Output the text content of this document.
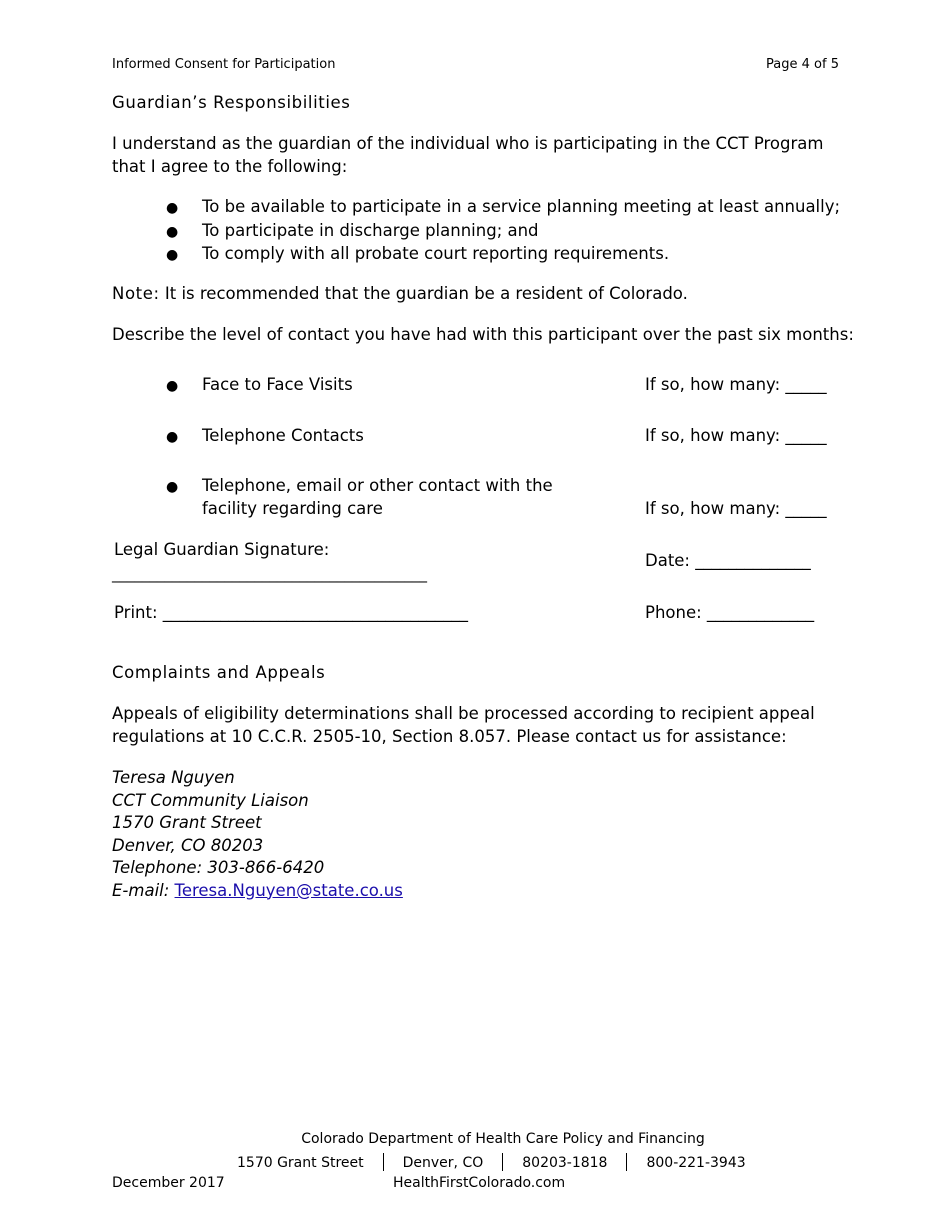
Informed Consent for Participation	Page 4 of 5
Guardian’s Responsibilities
I understand as the guardian of the individual who is participating in the CCT Program
that I agree to the following:
● To be available to participate in a service planning meeting at least annually;

● To participate in discharge planning; and

● To comply with all probate court reporting requirements.

Note: It is recommended that the guardian be a resident of Colorado.
Describe the level of contact you have had with this participant over the past six months:
● Face to Face Visits	If so, how many: _____
● Telephone Contacts	If so, how many: _____
● Telephone, email or other contact with the
facility regarding care	If so, how many: _____
Legal Guardian Signature:
__________________________________________
Date: ______________
Print: _____________________________________	Phone: _____________
Complaints and Appeals
Appeals of eligibility determinations shall be processed according to recipient appeal
regulations at 10 C.C.R. 2505-10, Section 8.057. Please contact us for assistance:
Teresa Nguyen
CCT Community Liaison
1570 Grant Street
Denver, CO 80203
Telephone: 303-866-6420
E-mail: Teresa.Nguyen@state.co.us
Colorado Department of Health Care Policy and Financing
1570 Grant Street	Denver, CO	80203-1818	800-221-3943
December 2017	HealthFirstColorado.com
